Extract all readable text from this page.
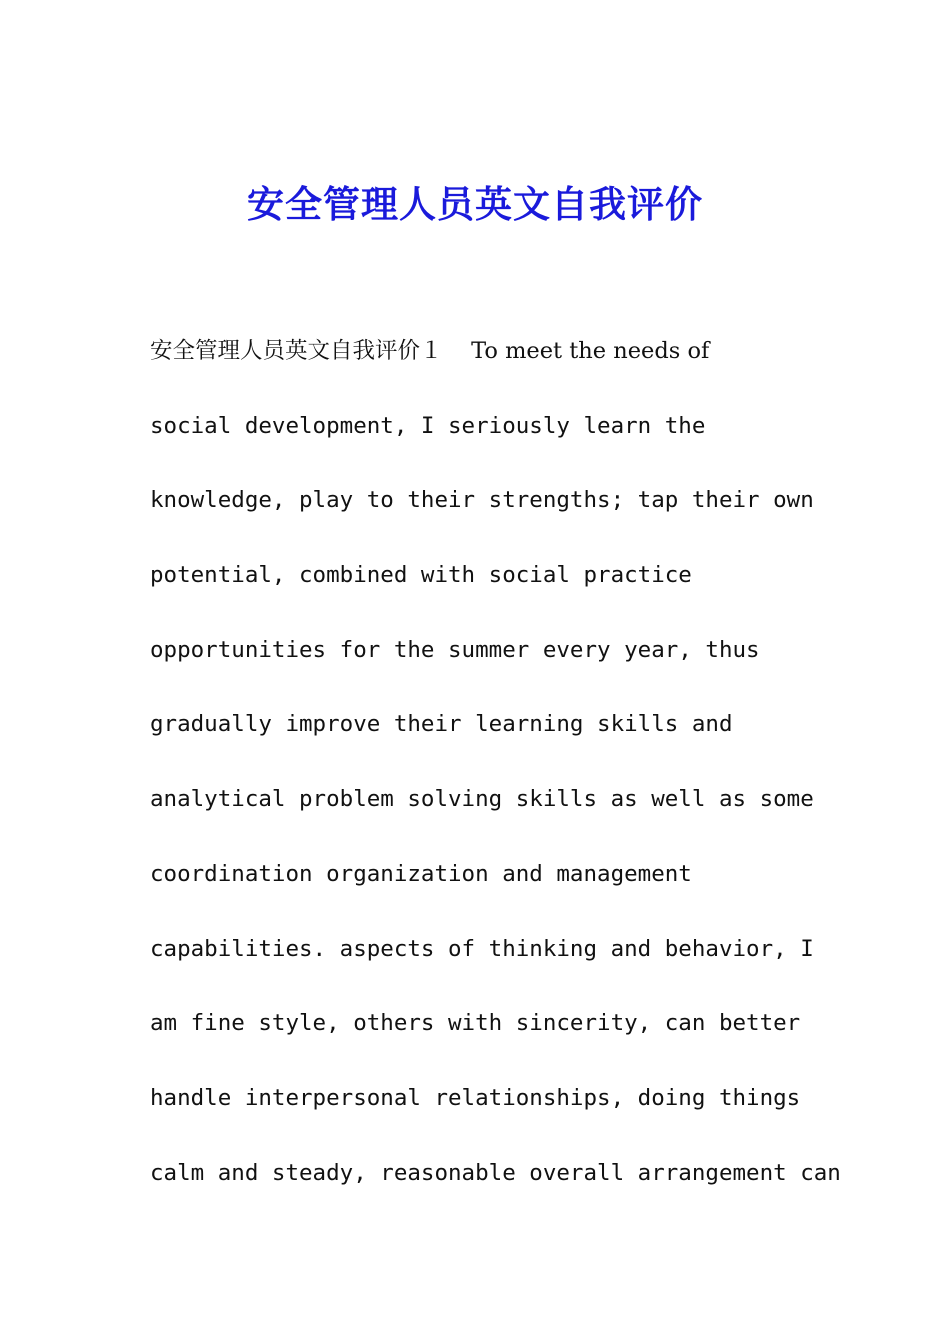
安全管理人员英文自我评价
安全管理人员英文自我评价１    To meet the needs of
social development, I seriously learn the
knowledge, play to their strengths; tap their own
potential, combined with social practice
opportunities for the summer every year, thus
gradually improve their learning skills and
analytical problem solving skills as well as some
coordination organization and management
capabilities. aspects of thinking and behavior, I
am fine style, others with sincerity, can better
handle interpersonal relationships, doing things
calm and steady, reasonable overall arrangement can
